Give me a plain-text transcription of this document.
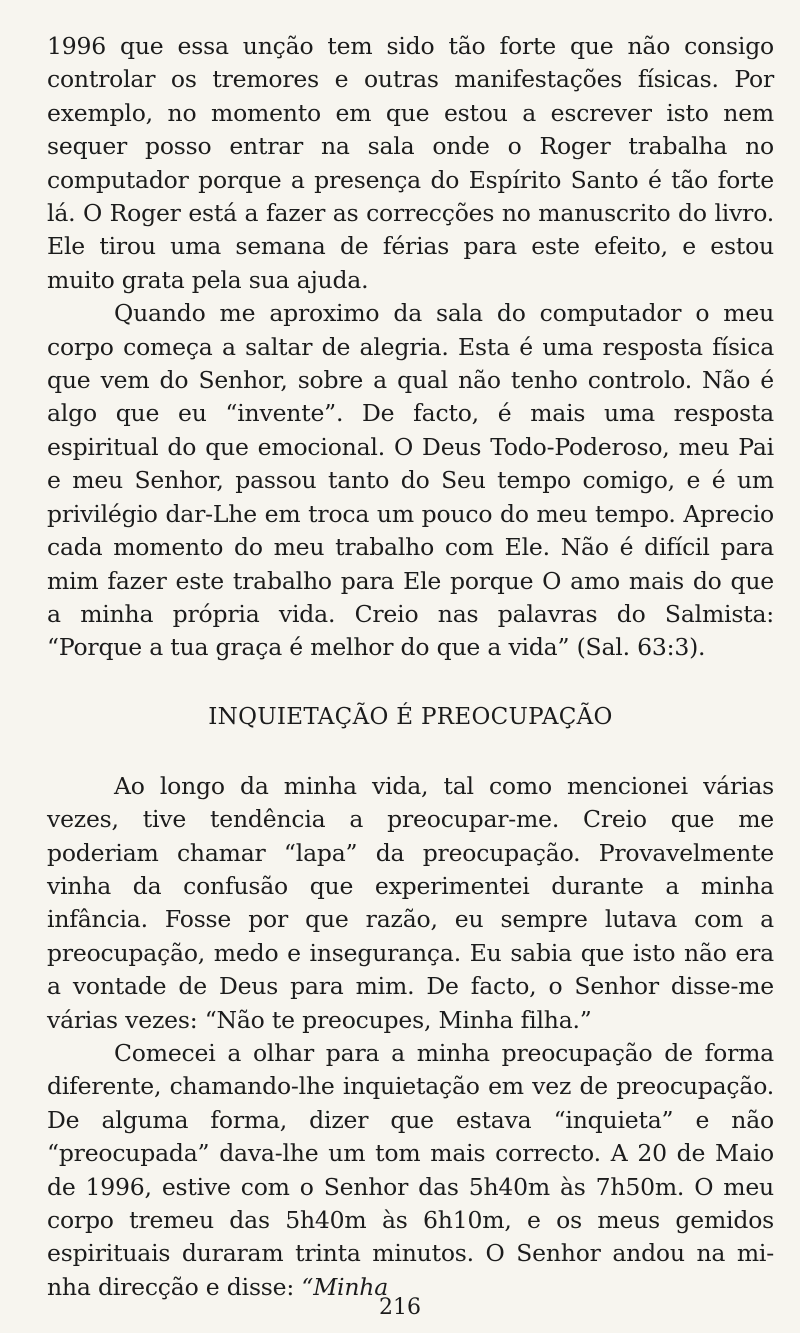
1996 que essa unção tem sido tão forte que não consigo controlar os tremores e outras manifestações físicas. Por exemplo, no momento em que estou a escrever isto nem sequer posso entrar na sala onde o Roger trabalha no computador porque a presença do Espírito Santo é tão forte lá. O Roger está a fazer as correcções no manuscrito do livro. Ele tirou uma semana de férias para este efeito, e estou muito grata pela sua ajuda.

Quando me aproximo da sala do computador o meu corpo começa a saltar de alegria. Esta é uma resposta física que vem do Senhor, sobre a qual não tenho controlo. Não é algo que eu “invente”. De facto, é mais uma resposta espiritual do que emocional. O Deus Todo-Poderoso, meu Pai e meu Senhor, passou tanto do Seu tempo comigo, e é um privilégio dar-Lhe em troca um pouco do meu tempo. Aprecio cada momento do meu trabalho com Ele. Não é difícil para mim fazer este trabalho para Ele porque O amo mais do que a minha própria vida. Creio nas palavras do Salmista: “Porque a tua graça é melhor do que a vida” (Sal. 63:3).

INQUIETAÇÃO É PREOCUPAÇÃO

Ao longo da minha vida, tal como mencionei várias vezes, tive tendência a preocupar-me. Creio que me poderiam chamar “lapa” da preocupação. Provavelmente vinha da confusão que experimentei durante a minha infância. Fosse por que razão, eu sempre lutava com a preocupação, medo e insegurança. Eu sabia que isto não era a vontade de Deus para mim. De facto, o Senhor disse-me várias vezes: “Não te preocupes, Minha filha.”

Comecei a olhar para a minha preocupação de forma diferente, chamando-lhe inquietação em vez de preocupação. De alguma forma, dizer que estava “inquieta” e não “preocupada” dava-lhe um tom mais correcto. A 20 de Maio de 1996, estive com o Senhor das 5h40m às 7h50m. O meu corpo tremeu das 5h40m às 6h10m, e os meus gemidos espirituais duraram trinta minutos. O Senhor andou na mi-nha direcção e disse: “Minha

216
